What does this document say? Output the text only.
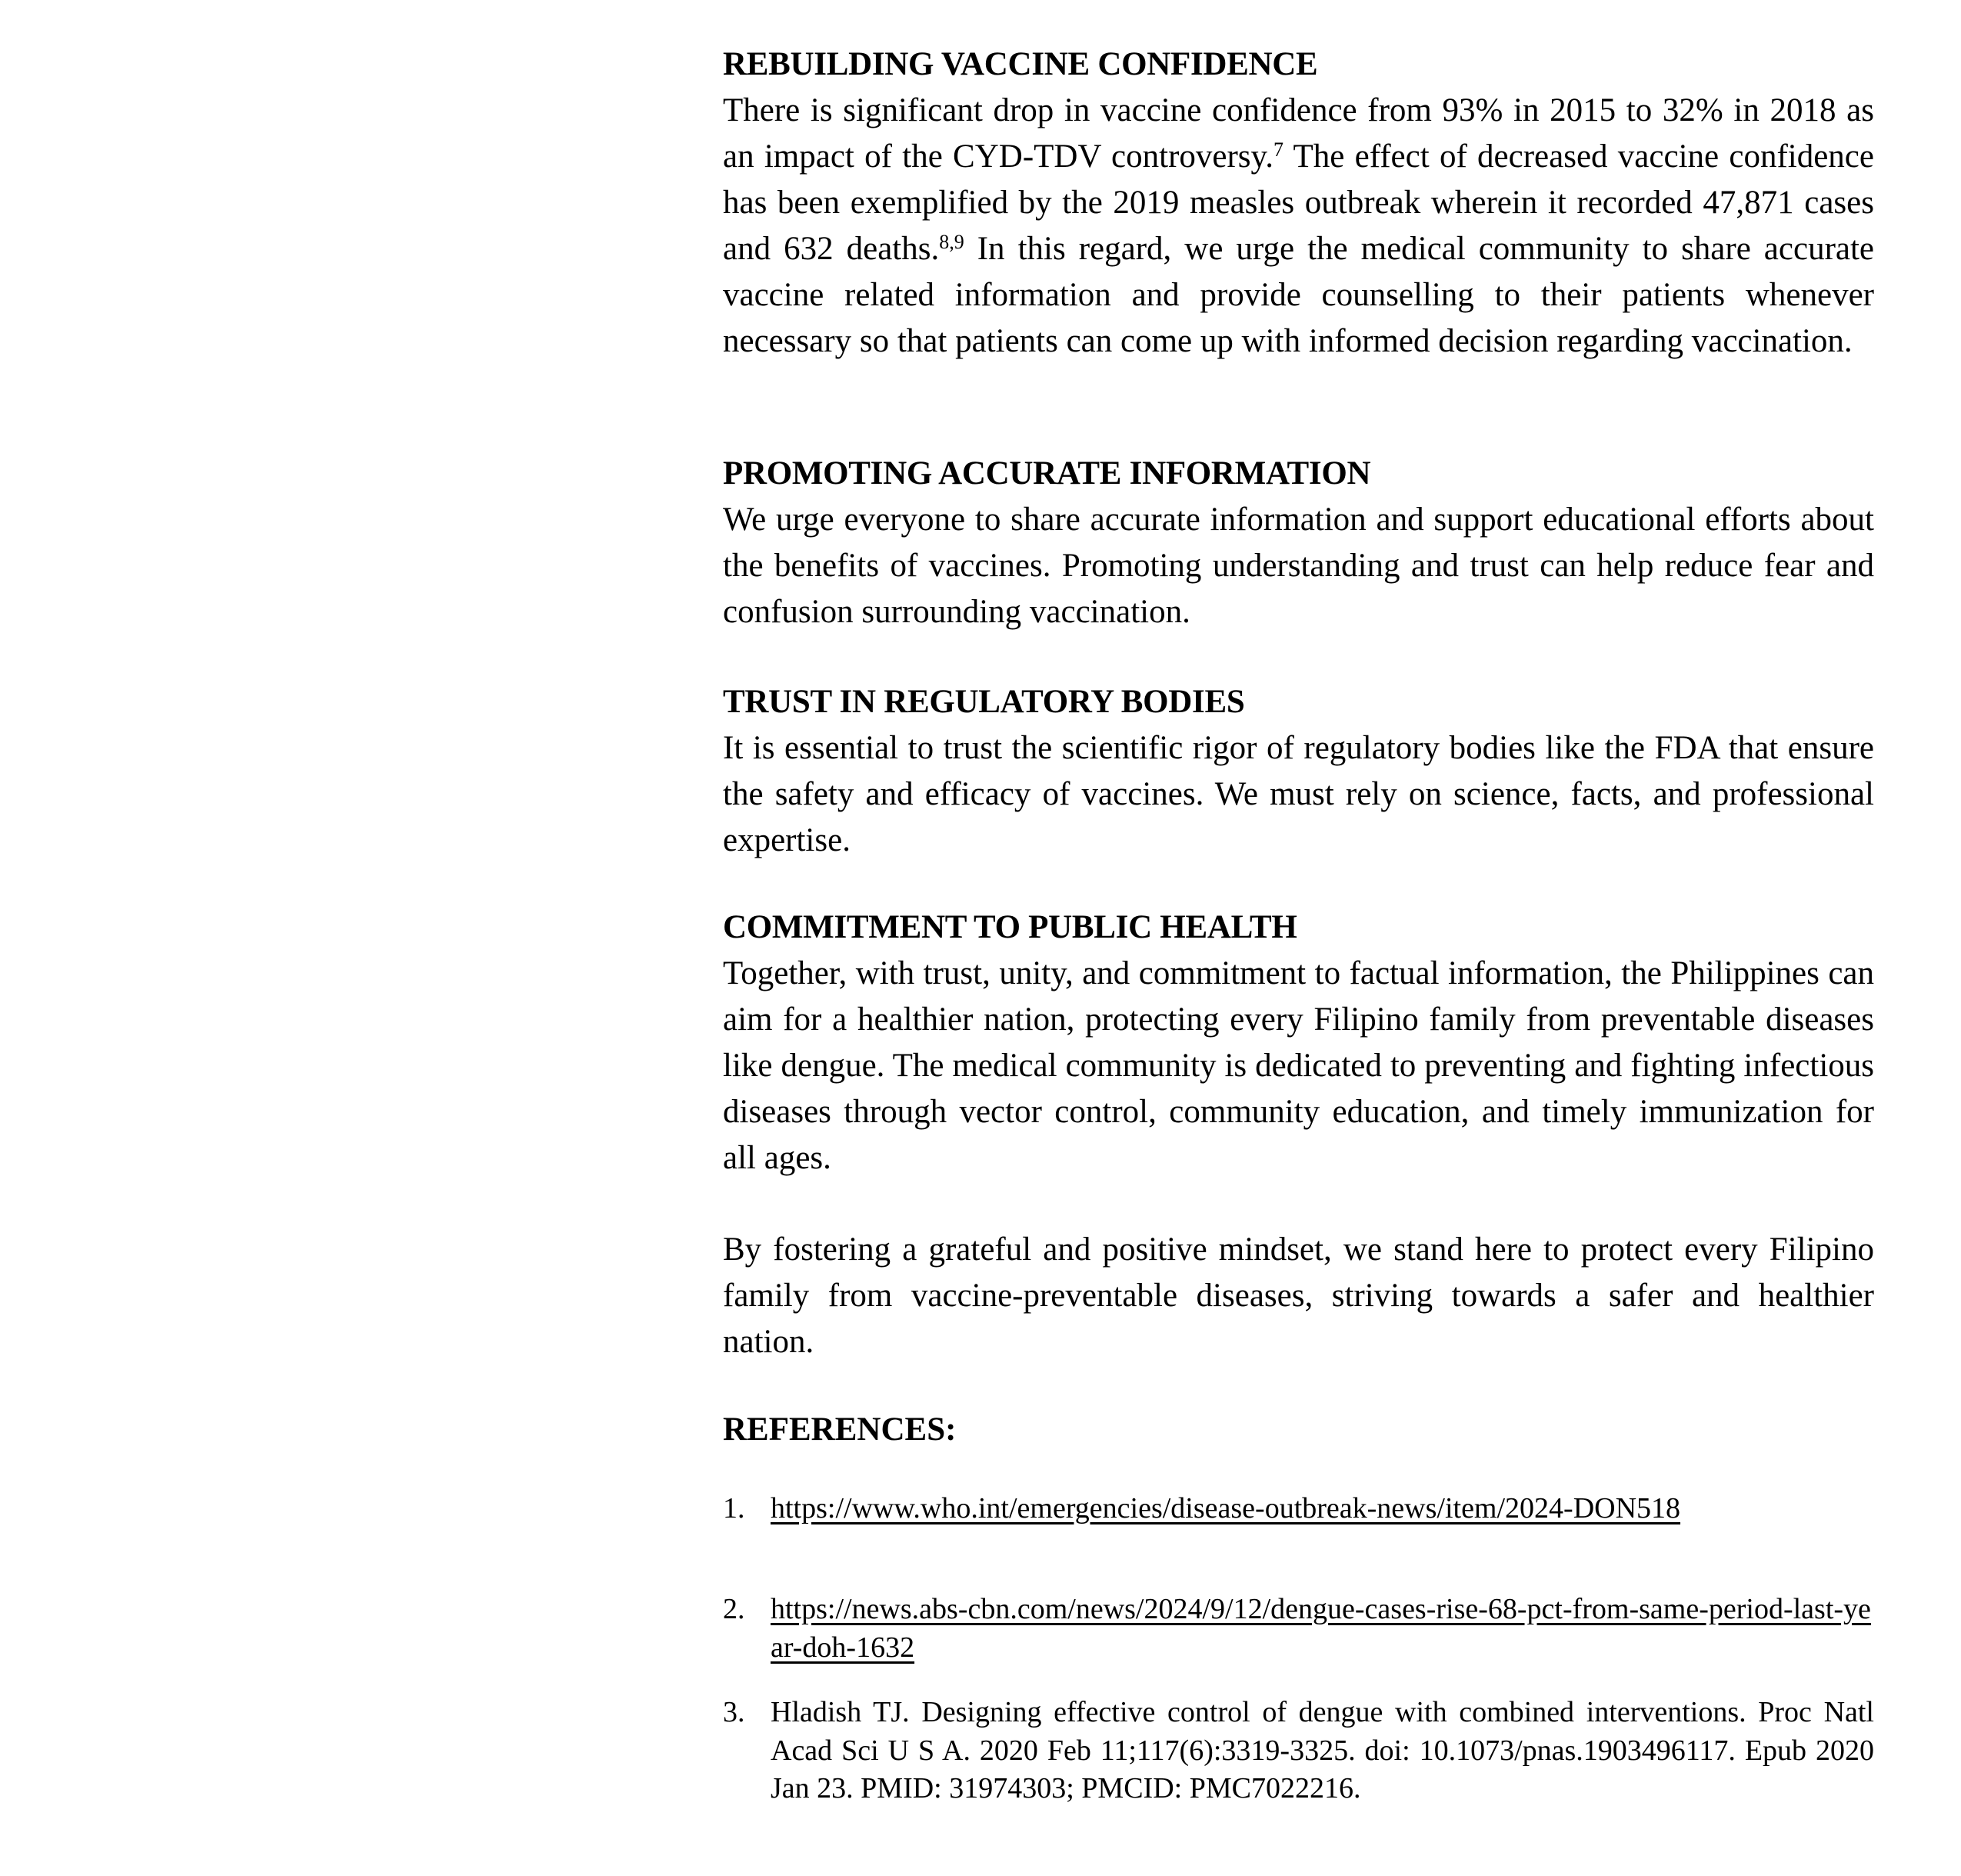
REBUILDING VACCINE CONFIDENCE

There is significant drop in vaccine confidence from 93% in 2015 to 32% in 2018 as an impact of the CYD-TDV controversy.$^7$ The effect of decreased vaccine confidence has been exemplified by the 2019 measles outbreak wherein it recorded 47,871 cases and 632 deaths.$^{8,9}$ In this regard, we urge the medical community to share accurate vaccine related information and provide counselling to their patients whenever necessary so that patients can come up with informed decision regarding vaccination.

PROMOTING ACCURATE INFORMATION

We urge everyone to share accurate information and support educational efforts about the benefits of vaccines. Promoting understanding and trust can help reduce fear and confusion surrounding vaccination.

TRUST IN REGULATORY BODIES

It is essential to trust the scientific rigor of regulatory bodies like the FDA that ensure the safety and efficacy of vaccines. We must rely on science, facts, and professional expertise.

COMMITMENT TO PUBLIC HEALTH

Together, with trust, unity, and commitment to factual information, the Philippines can aim for a healthier nation, protecting every Filipino family from preventable diseases like dengue. The medical community is dedicated to preventing and fighting infectious diseases through vector control, community education, and timely immunization for all ages.

By fostering a grateful and positive mindset, we stand here to protect every Filipino family from vaccine-preventable diseases, striving towards a safer and healthier nation.

REFERENCES:
1. https://www.who.int/emergencies/disease-outbreak-news/item/2024-DON518
2. https://news.abs-cbn.com/news/2024/9/12/dengue-cases-rise-68-pct-from-same-period-last-year-doh-1632
3. Hladish TJ. Designing effective control of dengue with combined interventions. Proc Natl Acad Sci U S A. 2020 Feb 11;117(6):3319-3325. doi: 10.1073/pnas.1903496117. Epub 2020 Jan 23. PMID: 31974303; PMCID: PMC7022216.
